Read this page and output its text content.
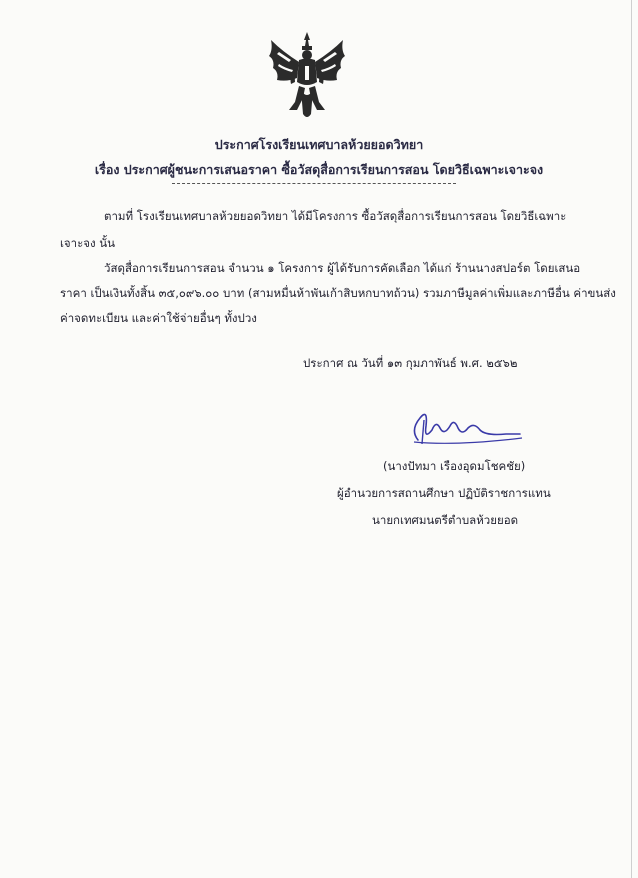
ประกาศโรงเรียนเทศบาลห้วยยอดวิทยา
เรื่อง ประกาศผู้ชนะการเสนอราคา ซื้อวัสดุสื่อการเรียนการสอน โดยวิธีเฉพาะเจาะจง
ตามที่ โรงเรียนเทศบาลห้วยยอดวิทยา ได้มีโครงการ ซื้อวัสดุสื่อการเรียนการสอน โดยวิธีเฉพาะ
เจาะจง นั้น
วัสดุสื่อการเรียนการสอน จำนวน ๑ โครงการ ผู้ได้รับการคัดเลือก ได้แก่ ร้านนางสปอร์ต โดยเสนอ
ราคา เป็นเงินทั้งสิ้น ๓๕,๐๙๖.๐๐ บาท (สามหมื่นห้าพันเก้าสิบหกบาทถ้วน) รวมภาษีมูลค่าเพิ่มและภาษีอื่น ค่าขนส่ง
ค่าจดทะเบียน และค่าใช้จ่ายอื่นๆ ทั้งปวง
ประกาศ ณ วันที่ ๑๓ กุมภาพันธ์ พ.ศ. ๒๕๖๒
(นางปัทมา เรืองอุดมโชคชัย)
ผู้อำนวยการสถานศึกษา ปฏิบัติราชการแทน
นายกเทศมนตรีตำบลห้วยยอด
